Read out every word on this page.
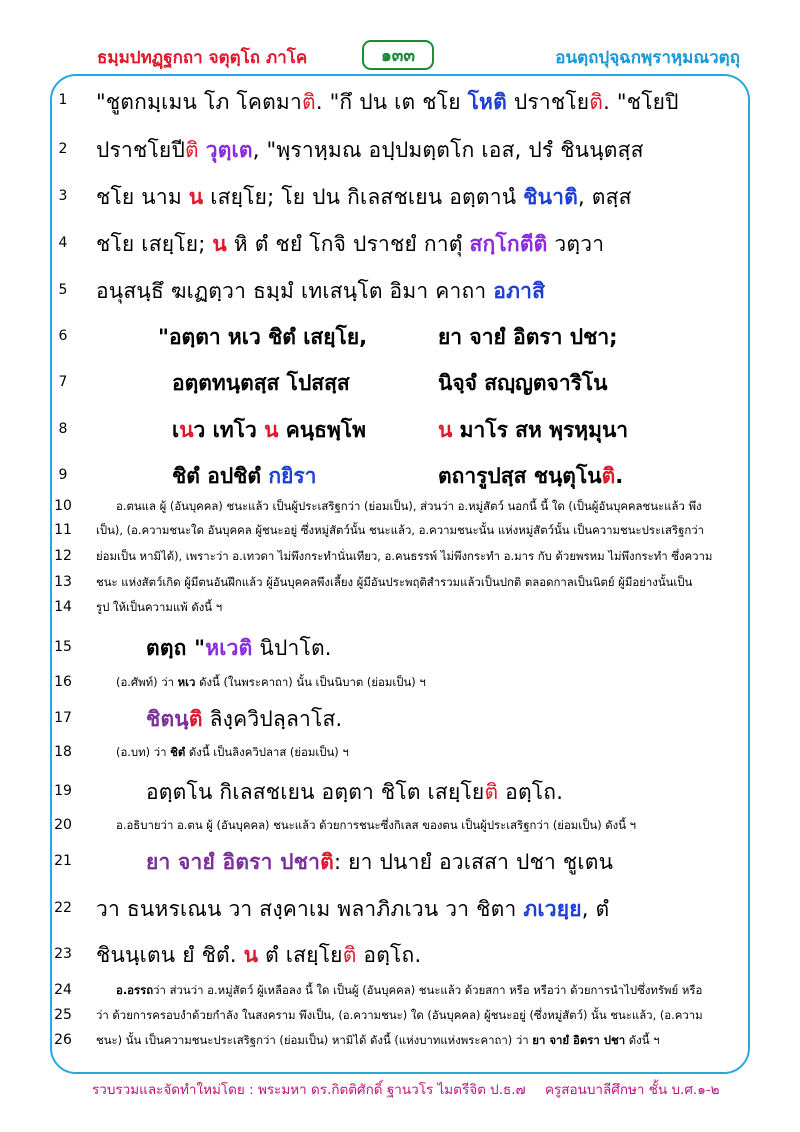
ธมฺมปทฏฺฐกถา จตุตฺโถ ภาโค	๑๓๓	อนตฺถปุจฺฉกพฺราหฺมณวตฺถุ
1
2
3
4
5
6
7
8
9
10
11
12
13
14
15
16
17
18
19
20
21
22
23
24
25
26
"ชูตกมฺเมน โภ โคตมาติ. "กึ ปน เต ชโย โหติ ปราชโยติ. "ชโยปิ
ปราชโยปีติ วุตฺเต, "พฺราหฺมณ อปฺปมตฺตโก เอส, ปรํ ชินนฺตสฺส
ชโย นาม น เสยฺโย; โย ปน กิเลสชเยน อตฺตานํ ชินาติ, ตสฺส
ชโย เสยฺโย; น หิ ตํ ชยํ โกจิ ปราชยํ กาตุํ สกฺโกตีติ วตฺวา
อนุสนฺธึ ฆเฏตฺวา ธมฺมํ เทเสนฺโต อิมา คาถา อภาสิ
"อตฺตา หเว ชิตํ เสยฺโย,	ยา จายํ อิตรา ปชา;
อตฺตทนฺตสฺส โปสสฺส	นิจฺจํ สญฺญตจาริโน
เนว เทโว น คนฺธพฺโพ	น มาโร สห พฺรหฺมุนา
ชิตํ อปชิตํ กยิรา	ตถารูปสฺส ชนฺตุโนติ.
อ.ตนแล ผู้ (อันบุคคล) ชนะแล้ว เป็นผู้ประเสริฐกว่า (ย่อมเป็น), ส่วนว่า อ.หมู่สัตว์ นอกนี้ นี้ ใด (เป็นผู้อันบุคคลชนะแล้ว พึง
เป็น), (อ.ความชนะใด อันบุคคล ผู้ชนะอยู่ ซึ่งหมู่สัตว์นั้น ชนะแล้ว, อ.ความชนะนั้น แห่งหมู่สัตว์นั้น เป็นความชนะประเสริฐกว่า
ย่อมเป็น หามิได้), เพราะว่า อ.เทวดา ไม่พึงกระทำนั่นเทียว, อ.คนธรรพ์ ไม่พึงกระทำ อ.มาร กับ ด้วยพรหม ไม่พึงกระทำ ซึ่งความ
ชนะ แห่งสัตว์เกิด ผู้มีตนอันฝึกแล้ว ผู้อันบุคคลพึงเลี้ยง ผู้มีอันประพฤติสำรวมแล้วเป็นปกติ ตลอดกาลเป็นนิตย์ ผู้มีอย่างนั้นเป็น
รูป ให้เป็นความแพ้ ดังนี้ ฯ
ตตฺถ "หเวติ นิปาโต.
(อ.ศัพท์) ว่า หเว ดังนี้ (ในพระคาถา) นั้น เป็นนิบาต (ย่อมเป็น) ฯ
ชิตนฺติ ลิงฺควิปลฺลาโส.
(อ.บท) ว่า ชิตํ ดังนี้ เป็นลิงควิปลาส (ย่อมเป็น) ฯ
อตฺตโน กิเลสชเยน อตฺตา ชิโต เสยฺโยติ อตฺโถ.
อ.อธิบายว่า อ.ตน ผู้ (อันบุคคล) ชนะแล้ว ด้วยการชนะซึ่งกิเลส ของตน เป็นผู้ประเสริฐกว่า (ย่อมเป็น) ดังนี้ ฯ
ยา จายํ อิตรา ปชาติ: ยา ปนายํ อวเสสา ปชา ชูเตน
วา ธนหรเณน วา สงฺคาเม พลาภิภเวน วา ชิตา ภเวยฺย, ตํ
ชินนฺเตน ยํ ชิตํ. น ตํ เสยฺโยติ อตฺโถ.
อ.อรรถว่า ส่วนว่า อ.หมู่สัตว์ ผู้เหลือลง นี้ ใด เป็นผู้ (อันบุคคล) ชนะแล้ว ด้วยสกา หรือ หรือว่า ด้วยการนำไปซึ่งทรัพย์ หรือ
ว่า ด้วยการครอบงำด้วยกำลัง ในสงคราม พึงเป็น, (อ.ความชนะ) ใด (อันบุคคล) ผู้ชนะอยู่ (ซึ่งหมู่สัตว์) นั้น ชนะแล้ว, (อ.ความ
ชนะ) นั้น เป็นความชนะประเสริฐกว่า (ย่อมเป็น) หามิได้ ดังนี้ (แห่งบาทแห่งพระคาถา) ว่า ยา จายํ อิตรา ปชา ดังนี้ ฯ
รวบรวมและจัดทำใหม่โดย : พระมหา ดร.กิตติศักดิ์ ฐานวโร ไมตรีจิต ป.ธ.๗ ครูสอนบาลีศึกษา ชั้น บ.ศ.๑-๒
